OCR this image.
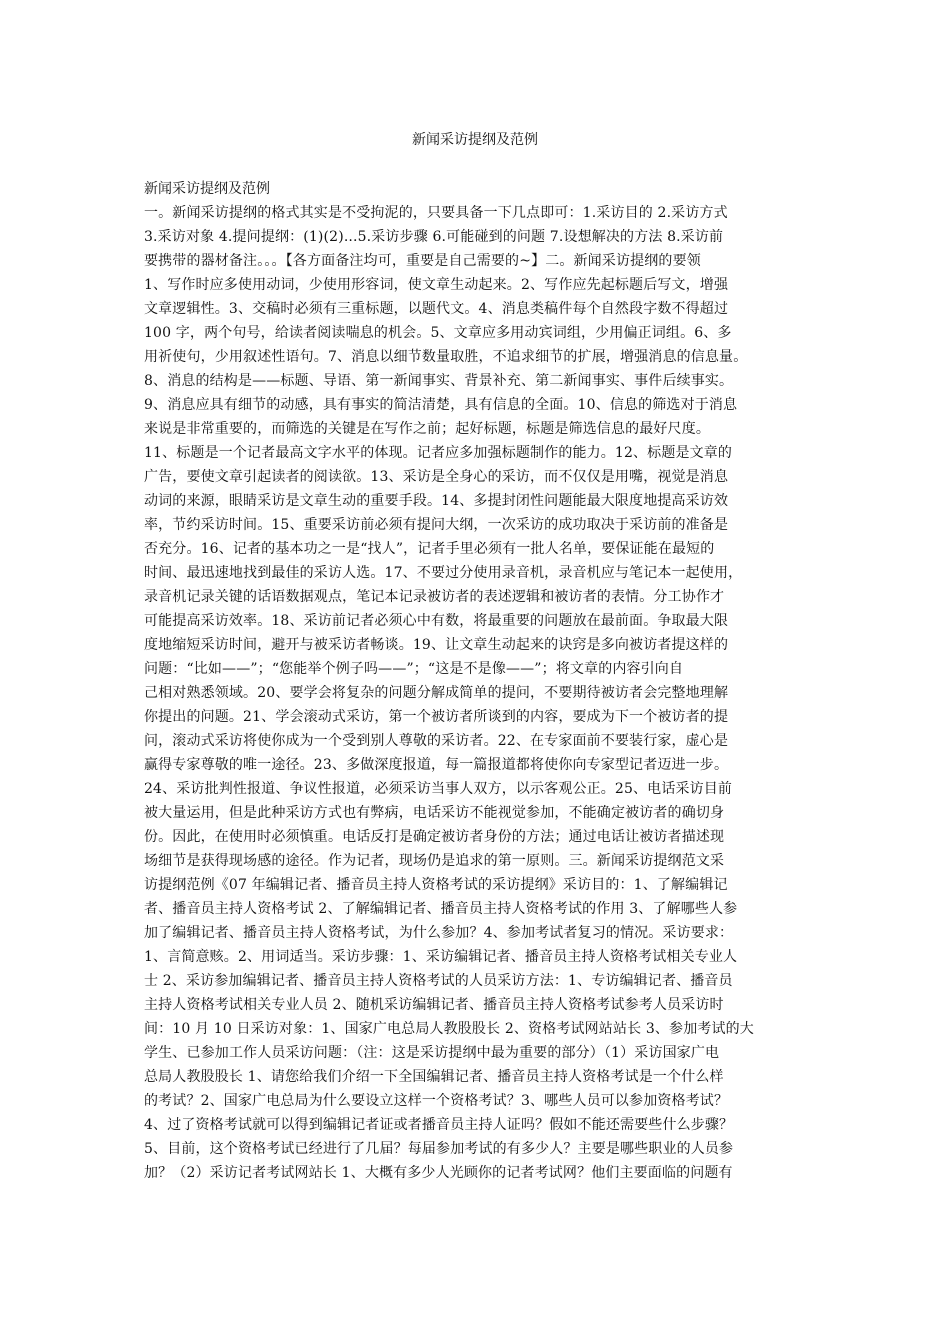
新闻采访提纲及范例
新闻采访提纲及范例
一。新闻采访提纲的格式其实是不受拘泥的，只要具备一下几点即可：1.采访目的 2.采访方式
3.采访对象 4.提问提纲：(1)(2)...5.采访步骤 6.可能碰到的问题 7.设想解决的方法 8.采访前
要携带的器材备注。。。【各方面备注均可，重要是自己需要的~】二。新闻采访提纲的要领
1、写作时应多使用动词，少使用形容词，使文章生动起来。2、写作应先起标题后写文，增强
文章逻辑性。3、交稿时必须有三重标题，以题代文。4、消息类稿件每个自然段字数不得超过
100 字，两个句号，给读者阅读喘息的机会。5、文章应多用动宾词组，少用偏正词组。6、多
用祈使句，少用叙述性语句。7、消息以细节数量取胜，不追求细节的扩展，增强消息的信息量。
8、消息的结构是——标题、导语、第一新闻事实、背景补充、第二新闻事实、事件后续事实。
9、消息应具有细节的动感，具有事实的简洁清楚，具有信息的全面。10、信息的筛选对于消息
来说是非常重要的，而筛选的关键是在写作之前；起好标题，标题是筛选信息的最好尺度。
11、标题是一个记者最高文字水平的体现。记者应多加强标题制作的能力。12、标题是文章的
广告，要使文章引起读者的阅读欲。13、采访是全身心的采访，而不仅仅是用嘴，视觉是消息
动词的来源，眼睛采访是文章生动的重要手段。14、多提封闭性问题能最大限度地提高采访效
率，节约采访时间。15、重要采访前必须有提问大纲，一次采访的成功取决于采访前的准备是
否充分。16、记者的基本功之一是“找人”，记者手里必须有一批人名单，要保证能在最短的
时间、最迅速地找到最佳的采访人选。17、不要过分使用录音机，录音机应与笔记本一起使用，
录音机记录关键的话语数据观点，笔记本记录被访者的表述逻辑和被访者的表情。分工协作才
可能提高采访效率。18、采访前记者必须心中有数，将最重要的问题放在最前面。争取最大限
度地缩短采访时间，避开与被采访者畅谈。19、让文章生动起来的诀窍是多向被访者提这样的
问题：“比如——”；“您能举个例子吗——”；“这是不是像——”；将文章的内容引向自
己相对熟悉领域。20、要学会将复杂的问题分解成简单的提问，不要期待被访者会完整地理解
你提出的问题。21、学会滚动式采访，第一个被访者所谈到的内容，要成为下一个被访者的提
问，滚动式采访将使你成为一个受到别人尊敬的采访者。22、在专家面前不要装行家，虚心是
赢得专家尊敬的唯一途径。23、多做深度报道，每一篇报道都将使你向专家型记者迈进一步。
24、采访批判性报道、争议性报道，必须采访当事人双方，以示客观公正。25、电话采访目前
被大量运用，但是此种采访方式也有弊病，电话采访不能视觉参加，不能确定被访者的确切身
份。因此，在使用时必须慎重。电话反打是确定被访者身份的方法；通过电话让被访者描述现
场细节是获得现场感的途径。作为记者，现场仍是追求的第一原则。三。新闻采访提纲范文采
访提纲范例《07 年编辑记者、播音员主持人资格考试的采访提纲》采访目的：1、了解编辑记
者、播音员主持人资格考试 2、了解编辑记者、播音员主持人资格考试的作用 3、了解哪些人参
加了编辑记者、播音员主持人资格考试，为什么参加？4、参加考试者复习的情况。采访要求：
1、言简意赅。2、用词适当。采访步骤：1、采访编辑记者、播音员主持人资格考试相关专业人
士 2、采访参加编辑记者、播音员主持人资格考试的人员采访方法：1、专访编辑记者、播音员
主持人资格考试相关专业人员 2、随机采访编辑记者、播音员主持人资格考试参考人员采访时
间：10 月 10 日采访对象：1、国家广电总局人教股股长 2、资格考试网站站长 3、参加考试的大
学生、已参加工作人员采访问题：（注：这是采访提纲中最为重要的部分）（1）采访国家广电
总局人教股股长 1、请您给我们介绍一下全国编辑记者、播音员主持人资格考试是一个什么样
的考试？2、国家广电总局为什么要设立这样一个资格考试？3、哪些人员可以参加资格考试？
4、过了资格考试就可以得到编辑记者证或者播音员主持人证吗？假如不能还需要些什么步骤？
5、目前，这个资格考试已经进行了几届？每届参加考试的有多少人？主要是哪些职业的人员参
加？（2）采访记者考试网站长 1、大概有多少人光顾你的记者考试网？他们主要面临的问题有
